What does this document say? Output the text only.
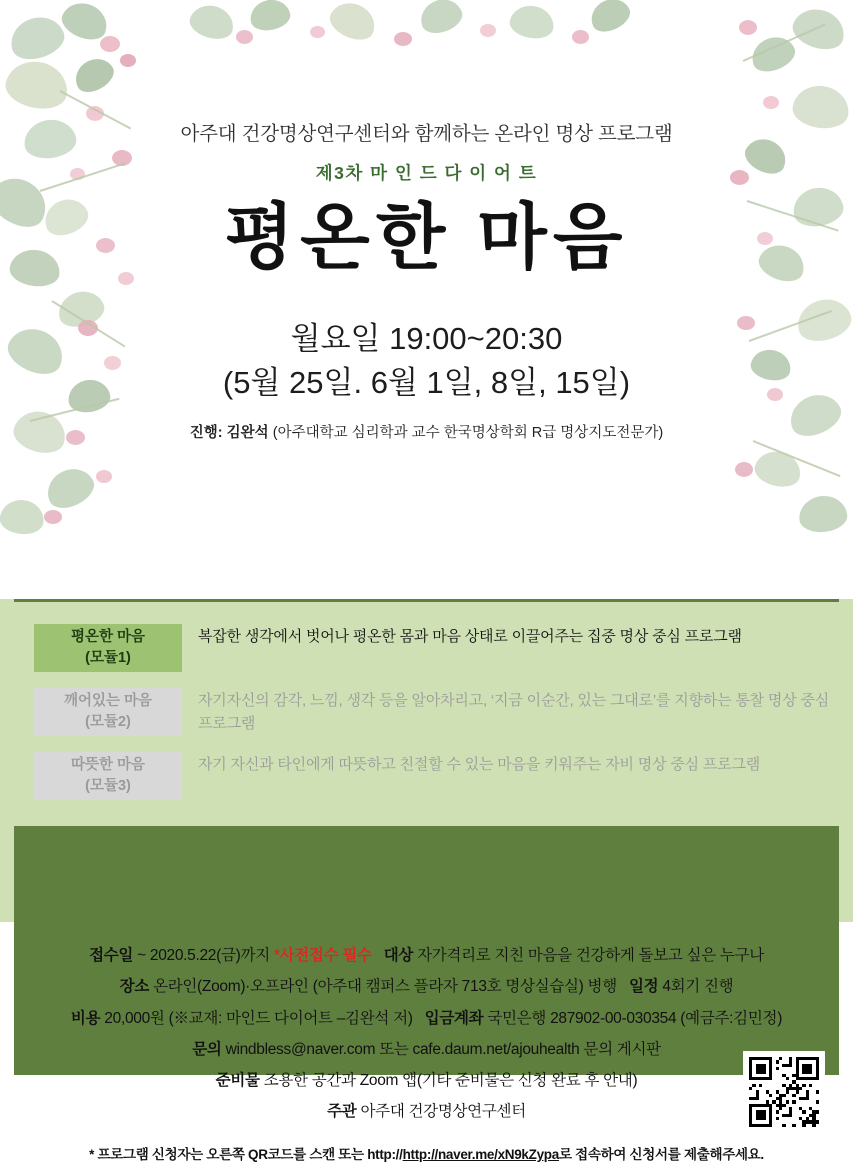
아주대 건강명상연구센터와 함께하는 온라인 명상 프로그램
제3차 마 인 드 다 이 어 트
평온한 마음
월요일 19:00~20:30
(5월 25일. 6월 1일, 8일, 15일)
진행: 김완석 (아주대학교 심리학과 교수 한국명상학회 R급 명상지도전문가)
평온한 마음
(모듈1)
복잡한 생각에서 벗어나 평온한 몸과 마음 상태로 이끌어주는 집중 명상 중심 프로그램
깨어있는 마음
(모듈2)
자기자신의 감각, 느낌, 생각 등을 알아차리고, ‘지금 이순간, 있는 그대로’를 지향하는 통찰 명상 중심 프로그램
따뜻한 마음
(모듈3)
자기 자신과 타인에게 따뜻하고 친절할 수 있는 마음을 키워주는 자비 명상 중심 프로그램
접수일 ~ 2020.5.22(금)까지 *사전접수 필수 대상 자가격리로 지친 마음을 건강하게 돌보고 싶은 누구나
장소 온라인(Zoom)·오프라인 (아주대 캠퍼스 플라자 713호 명상실습실) 병행 일정 4회기 진행
비용 20,000원 (※교재: 마인드 다이어트 –김완석 저) 입금계좌 국민은행 287902-00-030354 (예금주:김민정)
문의 windbless@naver.com 또는 cafe.daum.net/ajouhealth 문의 게시판
준비물 조용한 공간과 Zoom 앱(기타 준비물은 신청 완료 후 안내)
주관 아주대 건강명상연구센터
* 프로그램 신청자는 오른쪽 QR코드를 스캔 또는 http://http://naver.me/xN9kZypa로 접속하여 신청서를 제출해주세요.
